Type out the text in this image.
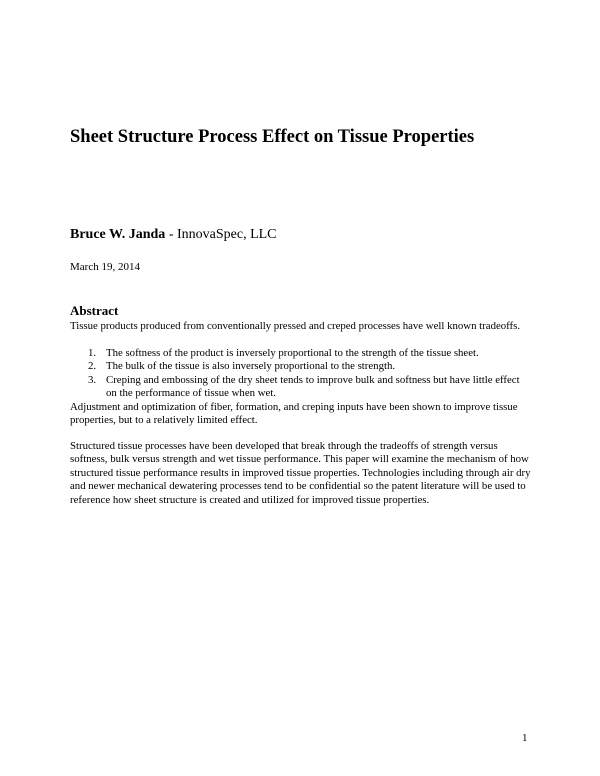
Sheet Structure Process Effect on Tissue Properties
Bruce W. Janda - InnovaSpec, LLC
March 19, 2014
Abstract
Tissue products produced from conventionally pressed and creped processes have well known tradeoffs.
1. The softness of the product is inversely proportional to the strength of the tissue sheet.
2. The bulk of the tissue is also inversely proportional to the strength.
3. Creping and embossing of the dry sheet tends to improve bulk and softness but have little effect on the performance of tissue when wet.
Adjustment and optimization of fiber, formation, and creping inputs have been shown to improve tissue properties, but to a relatively limited effect.
Structured tissue processes have been developed that break through the tradeoffs of strength versus softness, bulk versus strength and wet tissue performance. This paper will examine the mechanism of how structured tissue performance results in improved tissue properties. Technologies including through air dry and newer mechanical dewatering processes tend to be confidential so the patent literature will be used to reference how sheet structure is created and utilized for improved tissue properties.
1
